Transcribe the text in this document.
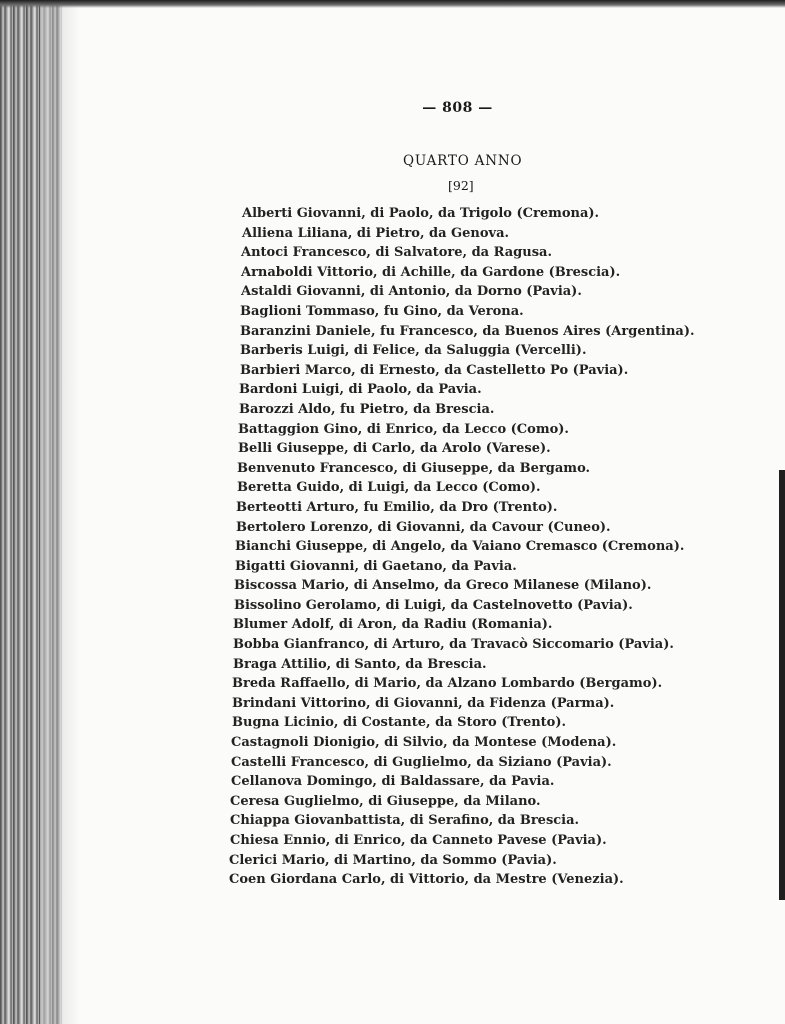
— 808 —
QUARTO ANNO
[92]
Alberti Giovanni, di Paolo, da Trigolo (Cremona).
Alliena Liliana, di Pietro, da Genova.
Antoci Francesco, di Salvatore, da Ragusa.
Arnaboldi Vittorio, di Achille, da Gardone (Brescia).
Astaldi Giovanni, di Antonio, da Dorno (Pavia).
Baglioni Tommaso, fu Gino, da Verona.
Baranzini Daniele, fu Francesco, da Buenos Aires (Argentina).
Barberis Luigi, di Felice, da Saluggia (Vercelli).
Barbieri Marco, di Ernesto, da Castelletto Po (Pavia).
Bardoni Luigi, di Paolo, da Pavia.
Barozzi Aldo, fu Pietro, da Brescia.
Battaggion Gino, di Enrico, da Lecco (Como).
Belli Giuseppe, di Carlo, da Arolo (Varese).
Benvenuto Francesco, di Giuseppe, da Bergamo.
Beretta Guido, di Luigi, da Lecco (Como).
Berteotti Arturo, fu Emilio, da Dro (Trento).
Bertolero Lorenzo, di Giovanni, da Cavour (Cuneo).
Bianchi Giuseppe, di Angelo, da Vaiano Cremasco (Cremona).
Bigatti Giovanni, di Gaetano, da Pavia.
Biscossa Mario, di Anselmo, da Greco Milanese (Milano).
Bissolino Gerolamo, di Luigi, da Castelnovetto (Pavia).
Blumer Adolf, di Aron, da Radiu (Romania).
Bobba Gianfranco, di Arturo, da Travacò Siccomario (Pavia).
Braga Attilio, di Santo, da Brescia.
Breda Raffaello, di Mario, da Alzano Lombardo (Bergamo).
Brindani Vittorino, di Giovanni, da Fidenza (Parma).
Bugna Licinio, di Costante, da Storo (Trento).
Castagnoli Dionigio, di Silvio, da Montese (Modena).
Castelli Francesco, di Guglielmo, da Siziano (Pavia).
Cellanova Domingo, di Baldassare, da Pavia.
Ceresa Guglielmo, di Giuseppe, da Milano.
Chiappa Giovanbattista, di Serafino, da Brescia.
Chiesa Ennio, di Enrico, da Canneto Pavese (Pavia).
Clerici Mario, di Martino, da Sommo (Pavia).
Coen Giordana Carlo, di Vittorio, da Mestre (Venezia).
